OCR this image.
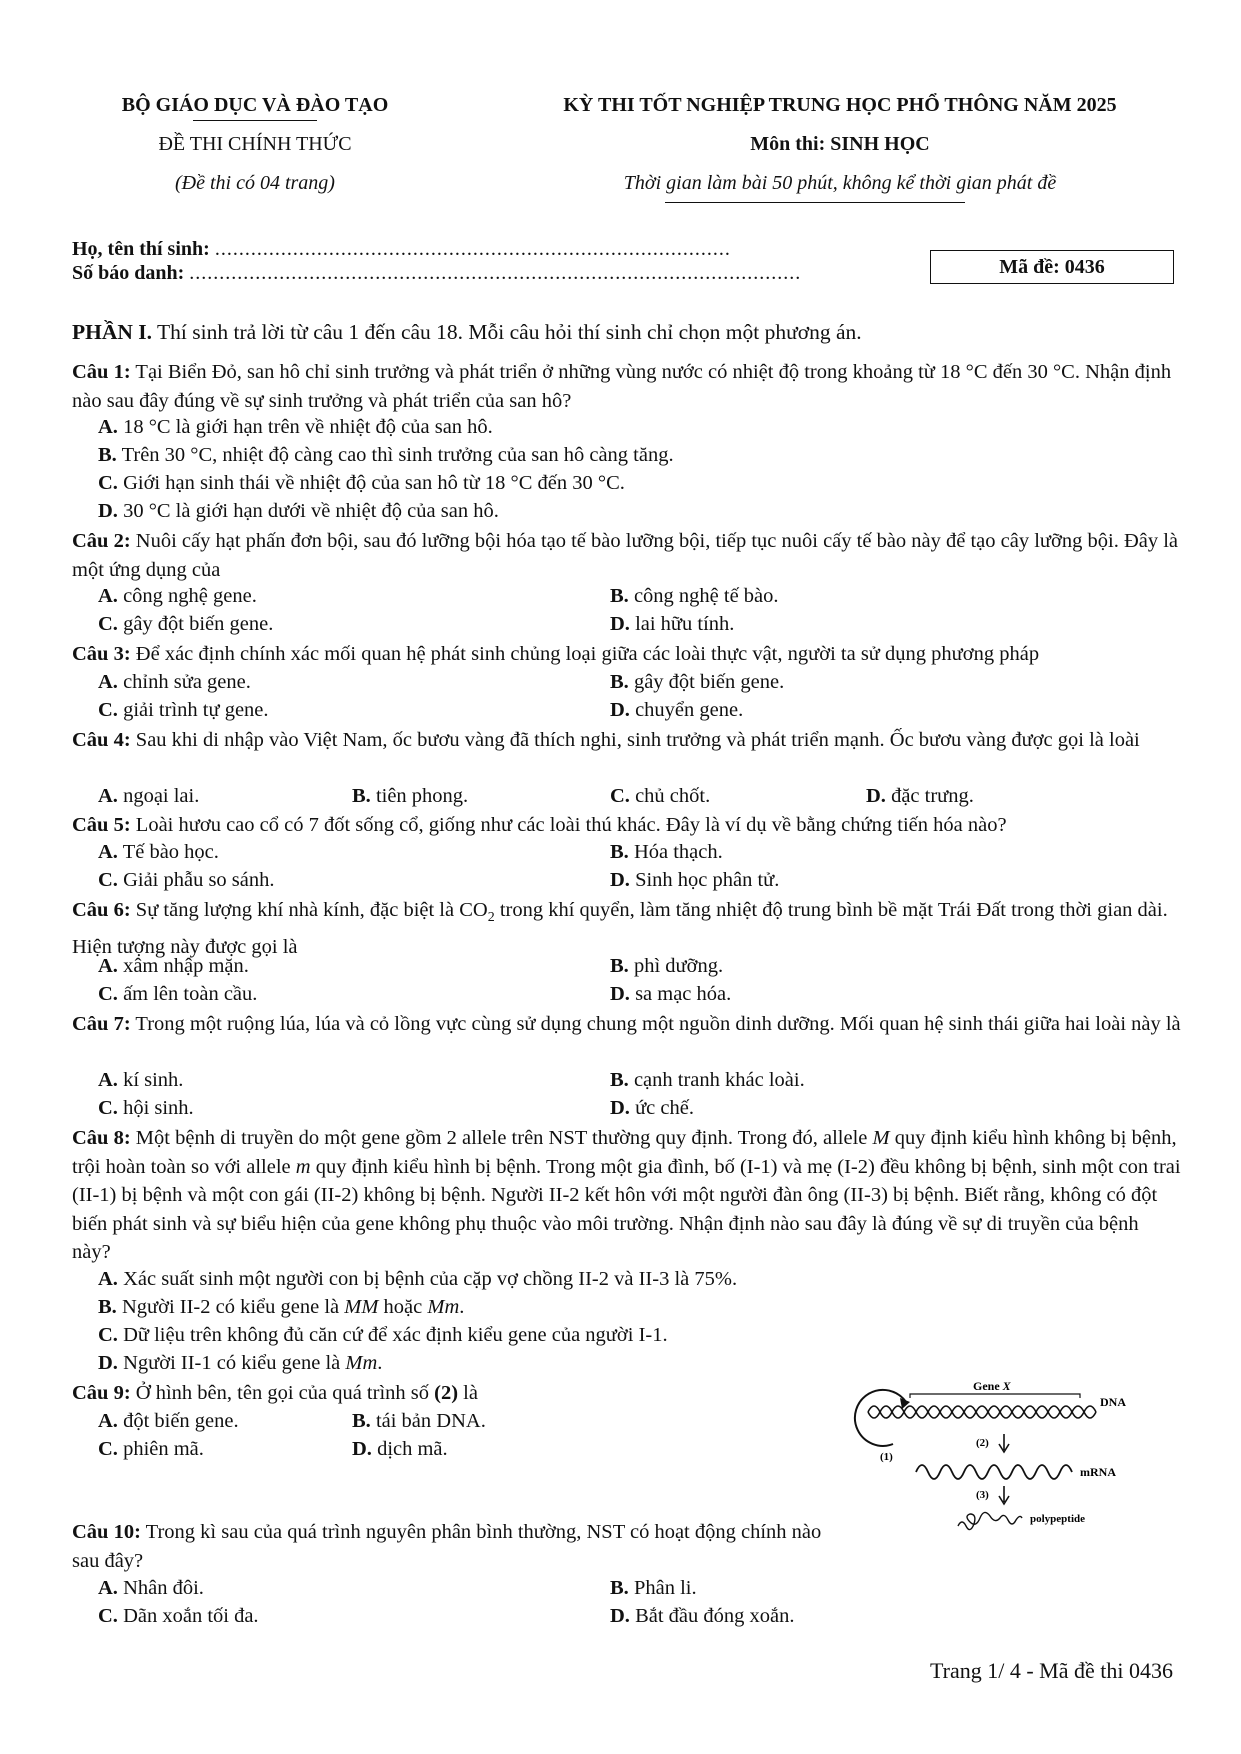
BỘ GIÁO DỤC VÀ ĐÀO TẠO
ĐỀ THI CHÍNH THỨC
(Đề thi có 04 trang)
KỲ THI TỐT NGHIỆP TRUNG HỌC PHỔ THÔNG NĂM 2025
Môn thi: SINH HỌC
Thời gian làm bài 50 phút, không kể thời gian phát đề
Họ, tên thí sinh: ......................................................................................
Số báo danh: ......................................................................................................	Mã đề: 0436
PHẦN I. Thí sinh trả lời từ câu 1 đến câu 18. Mỗi câu hỏi thí sinh chỉ chọn một phương án.
Câu 1: Tại Biển Đỏ, san hô chỉ sinh trưởng và phát triển ở những vùng nước có nhiệt độ trong khoảng từ 18 °C đến 30 °C. Nhận định nào sau đây đúng về sự sinh trưởng và phát triển của san hô?
A. 18 °C là giới hạn trên về nhiệt độ của san hô.
B. Trên 30 °C, nhiệt độ càng cao thì sinh trưởng của san hô càng tăng.
C. Giới hạn sinh thái về nhiệt độ của san hô từ 18 °C đến 30 °C.
D. 30 °C là giới hạn dưới về nhiệt độ của san hô.
Câu 2: Nuôi cấy hạt phấn đơn bội, sau đó lưỡng bội hóa tạo tế bào lưỡng bội, tiếp tục nuôi cấy tế bào này để tạo cây lưỡng bội. Đây là một ứng dụng của
A. công nghệ gene.	B. công nghệ tế bào.
C. gây đột biến gene.	D. lai hữu tính.
Câu 3: Để xác định chính xác mối quan hệ phát sinh chủng loại giữa các loài thực vật, người ta sử dụng phương pháp
A. chỉnh sửa gene.	B. gây đột biến gene.
C. giải trình tự gene.	D. chuyển gene.
Câu 4: Sau khi di nhập vào Việt Nam, ốc bươu vàng đã thích nghi, sinh trưởng và phát triển mạnh. Ốc bươu vàng được gọi là loài
A. ngoại lai.	B. tiên phong.	C. chủ chốt.	D. đặc trưng.
Câu 5: Loài hươu cao cổ có 7 đốt sống cổ, giống như các loài thú khác. Đây là ví dụ về bằng chứng tiến hóa nào?
A. Tế bào học.	B. Hóa thạch.
C. Giải phẫu so sánh.	D. Sinh học phân tử.
Câu 6: Sự tăng lượng khí nhà kính, đặc biệt là $CO_2$ trong khí quyển, làm tăng nhiệt độ trung bình bề mặt Trái Đất trong thời gian dài. Hiện tượng này được gọi là
A. xâm nhập mặn.	B. phì dưỡng.
C. ấm lên toàn cầu.	D. sa mạc hóa.
Câu 7: Trong một ruộng lúa, lúa và cỏ lồng vực cùng sử dụng chung một nguồn dinh dưỡng. Mối quan hệ sinh thái giữa hai loài này là
A. kí sinh.	B. cạnh tranh khác loài.
C. hội sinh.	D. ức chế.
Câu 8: Một bệnh di truyền do một gene gồm 2 allele trên NST thường quy định. Trong đó, allele M quy định kiểu hình không bị bệnh, trội hoàn toàn so với allele m quy định kiểu hình bị bệnh. Trong một gia đình, bố (I-1) và mẹ (I-2) đều không bị bệnh, sinh một con trai (II-1) bị bệnh và một con gái (II-2) không bị bệnh. Người II-2 kết hôn với một người đàn ông (II-3) bị bệnh. Biết rằng, không có đột biến phát sinh và sự biểu hiện của gene không phụ thuộc vào môi trường. Nhận định nào sau đây là đúng về sự di truyền của bệnh này?
A. Xác suất sinh một người con bị bệnh của cặp vợ chồng II-2 và II-3 là 75%.
B. Người II-2 có kiểu gene là MM hoặc Mm.
C. Dữ liệu trên không đủ căn cứ để xác định kiểu gene của người I-1.
D. Người II-1 có kiểu gene là Mm.
Câu 9: Ở hình bên, tên gọi của quá trình số (2) là
A. đột biến gene.	B. tái bản DNA.
C. phiên mã.	D. dịch mã.
Gene X
DNA
(1)
(2)
mRNA
(3)
polypeptide
Câu 10: Trong kì sau của quá trình nguyên phân bình thường, NST có hoạt động chính nào sau đây?
A. Nhân đôi.	B. Phân li.
C. Dãn xoắn tối đa.	D. Bắt đầu đóng xoắn.
Trang 1/ 4 - Mã đề thi 0436
